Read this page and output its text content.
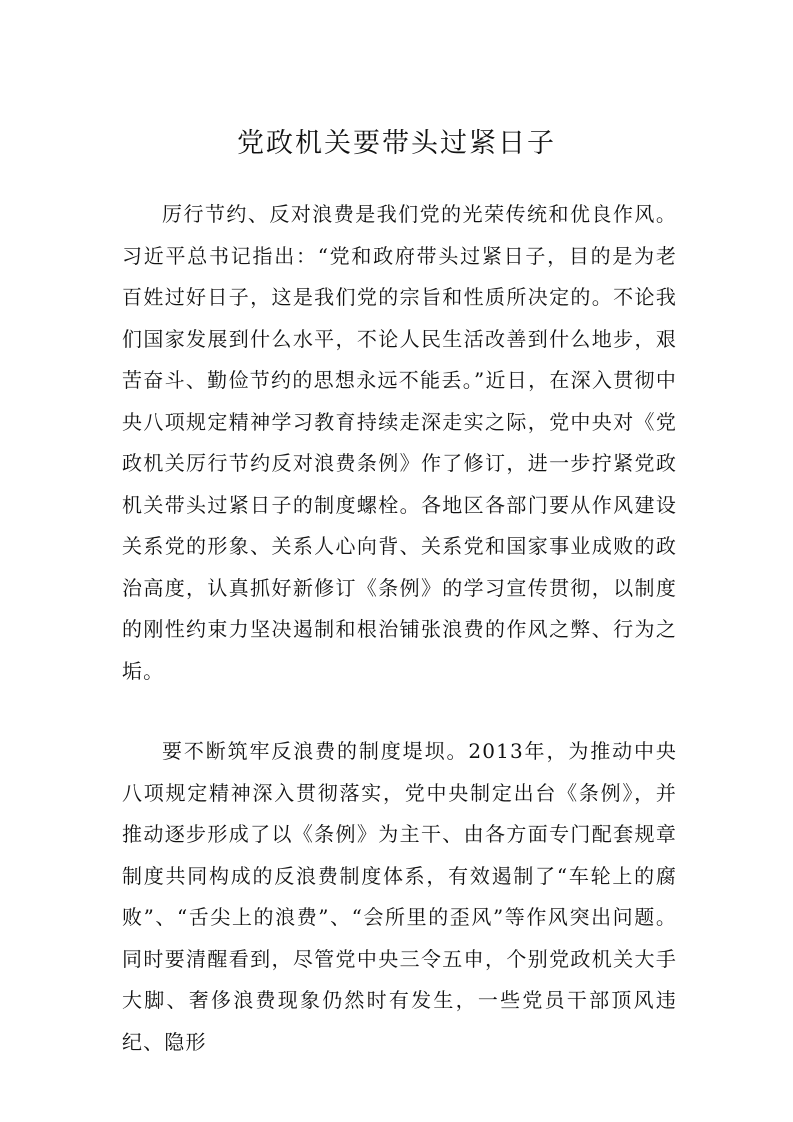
党政机关要带头过紧日子

厉行节约、反对浪费是我们党的光荣传统和优良作风。习近平总书记指出：“党和政府带头过紧日子，目的是为老百姓过好日子，这是我们党的宗旨和性质所决定的。不论我们国家发展到什么水平，不论人民生活改善到什么地步，艰苦奋斗、勤俭节约的思想永远不能丢。”近日，在深入贯彻中央八项规定精神学习教育持续走深走实之际，党中央对《党政机关厉行节约反对浪费条例》作了修订，进一步拧紧党政机关带头过紧日子的制度螺栓。各地区各部门要从作风建设关系党的形象、关系人心向背、关系党和国家事业成败的政治高度，认真抓好新修订《条例》的学习宣传贯彻，以制度的刚性约束力坚决遏制和根治铺张浪费的作风之弊、行为之垢。

要不断筑牢反浪费的制度堤坝。2013年，为推动中央八项规定精神深入贯彻落实，党中央制定出台《条例》，并推动逐步形成了以《条例》为主干、由各方面专门配套规章制度共同构成的反浪费制度体系，有效遏制了“车轮上的腐败”、“舌尖上的浪费”、“会所里的歪风”等作风突出问题。同时要清醒看到，尽管党中央三令五申，个别党政机关大手大脚、奢侈浪费现象仍然时有发生，一些党员干部顶风违纪、隐形
